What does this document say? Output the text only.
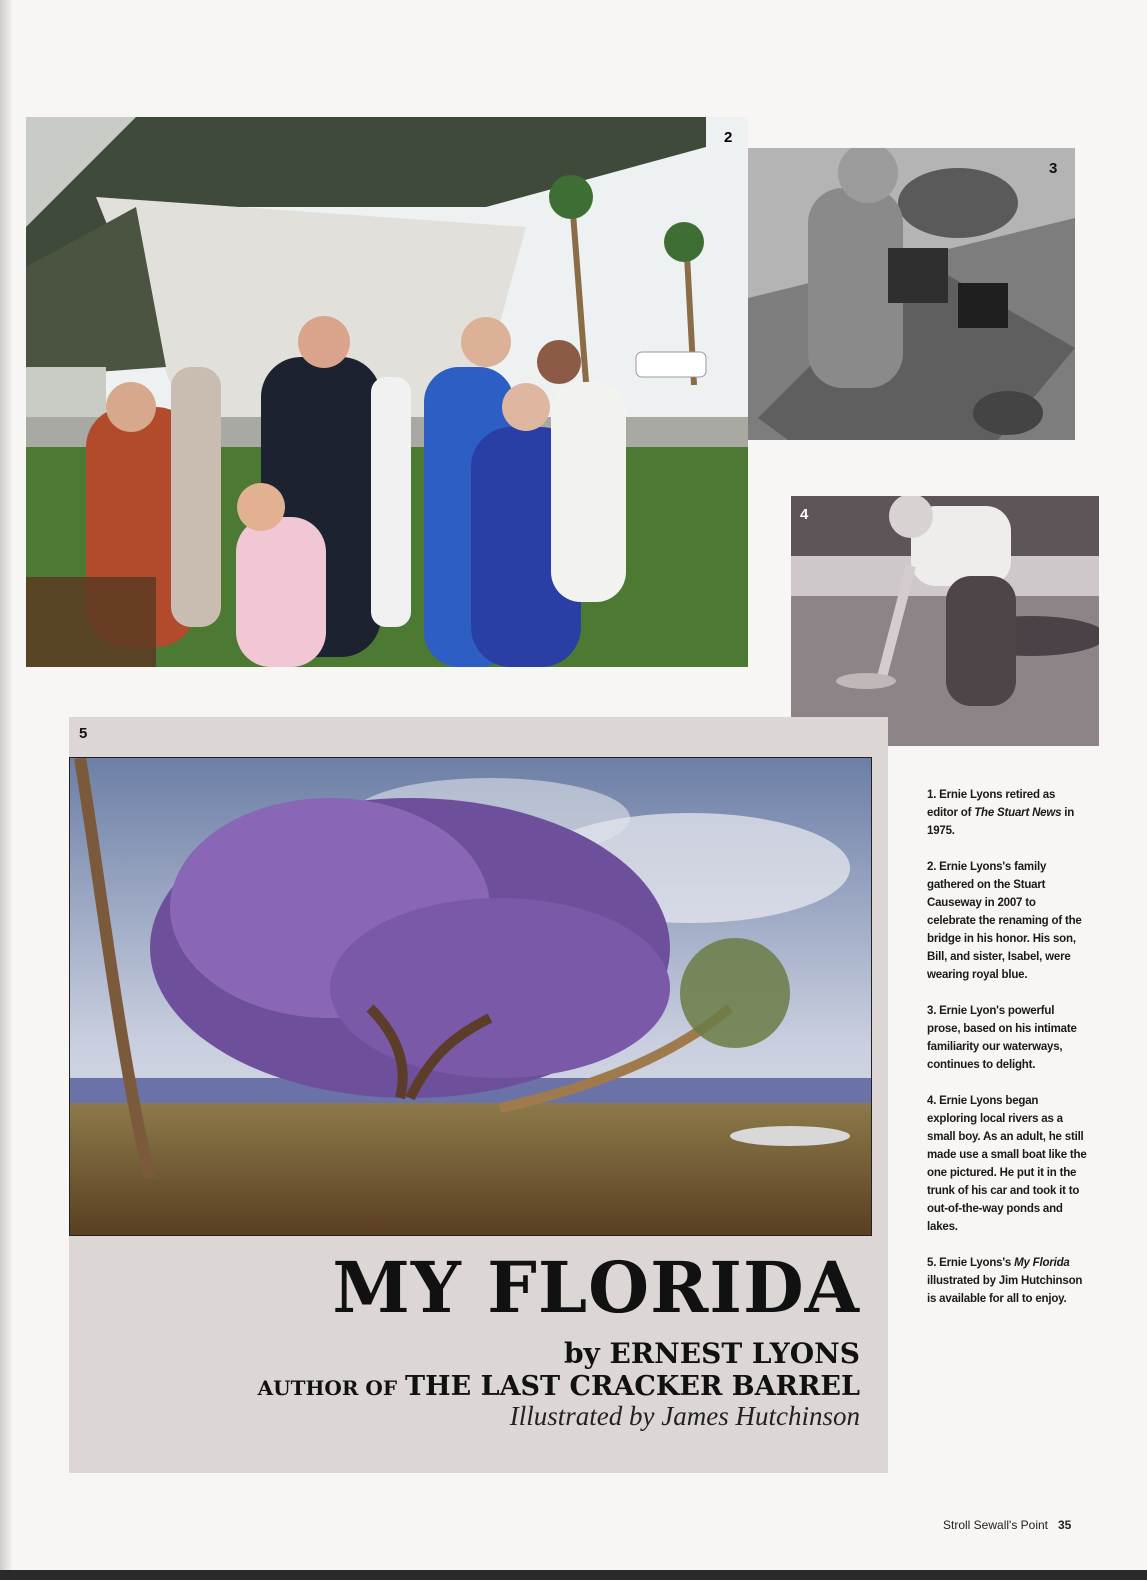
2
3
4
5
MY FLORIDA
by ERNEST LYONS
AUTHOR OF THE LAST CRACKER BARREL
Illustrated by James Hutchinson

1. Ernie Lyons retired as editor of The Stuart News in 1975.

2. Ernie Lyons's family gathered on the Stuart Causeway in 2007 to celebrate the renaming of the bridge in his honor. His son, Bill, and sister, Isabel, were wearing royal blue.

3. Ernie Lyon's powerful prose, based on his intimate familiarity our waterways, continues to delight.

4. Ernie Lyons began exploring local rivers as a small boy. As an adult, he still made use a small boat like the one pictured. He put it in the trunk of his car and took it to out-of-the-way ponds and lakes.

5. Ernie Lyons's My Florida illustrated by Jim Hutchinson is available for all to enjoy.

Stroll Sewall's Point 35
